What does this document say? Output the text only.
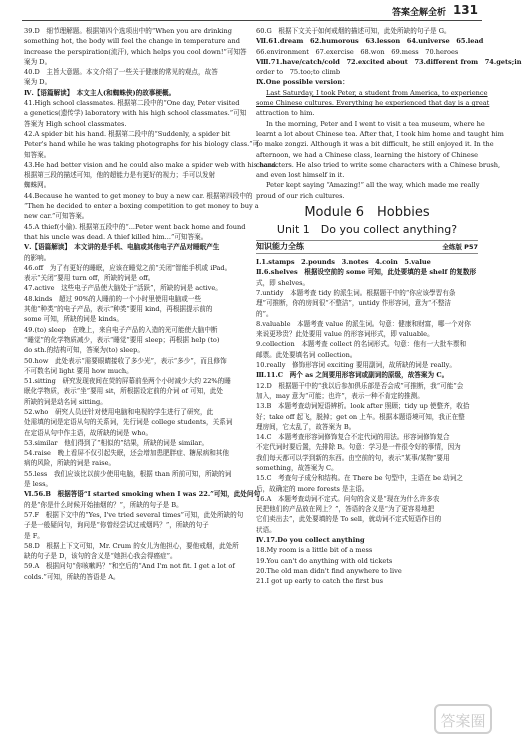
答案全解全析 131
39.D　细节理解题。根据第四个选项出中的“When you are drinking
something hot, the body will feel the change in temperature and
increase the perspiration(流汗), which helps you cool down!”可知答
案为 D。
40.D　主旨大意题。本文介绍了一些关于健康的常见的观点，故答
案为 D。
Ⅳ.【语篇解读】　本文主人(和蜘蛛侠)的故事梗概。
41.High school classmates. 根据第二段中的“One day, Peter visited
a genetics(遗传学) laboratory with his high school classmates.”可知
答案为 High school classmates.
42.A spider bit his hand. 根据第二段中的“Suddenly, a spider bit
Peter's hand while he was taking photographs for his biology class.”可
知答案。
43.He had better vision and he could also make a spider web with his hand.
根据第三段的描述可知，他的超能力是有更好的视力；手可以发射
蜘蛛网。
44.Because he wanted to get money to buy a new car. 根据第四段中的
“Then he decided to enter a boxing competition to get money to buy a
new car.”可知答案。
45.A thief(小偷). 根据第五段中的“...Peter went back home and found
that his uncle was dead. A thief killed him...”可知答案。
Ⅴ.【语篇解读】　本文讲的是手机、电脑或其他电子产品对睡眠产生
的影响。
46.off　为了有更好的睡眠，应该在睡觉之前“关闭”智能手机或 iPad。
表示“关闭”要用 turn off，所缺的词是 off。
47.active　这些电子产品使大脑处于“活跃”，所缺的词是 active。
48.kinds　超过 90%的人睡前的一个小时里使用电脑或一些
其他“种类”的电子产品，表示“种类”要用 kind，再根据提示前的
some 可知，所缺的词是 kinds。
49.(to) sleep　在晚上，来自电子产品的入造的光可能使大脑中断
“睡觉”的化学物质减少，表示“睡觉”要用 sleep；再根据 help (to)
do sth.的结构可知，答案为(to) sleep。
50.how　此处表示“需要眼睛接收了多少光”，表示“多少”，而且修饰
不可数名词 light 要用 how much。
51.sitting　研究发现夜间在荧的屏幕前坐两个小时减少大约 22%的睡
眠化学物质，表示“坐”要用 sit，所根据设定前的介词 of 可知，此处
所缺的词是动名词 sitting。
52.who　研究人员还针对使用电脑和电视的学生进行了研究，此
处需填的词是定语从句的关系词，先行词是 college students，关系词
在定语从句中作主语，故所缺的词是 who。
53.similar　他们得到了“相似的”结果，所缺的词是 similar。
54.raise　晚上看屏不仅引起失眠，还会增加患肥胖症、糖尿病和其他
病的风险，所缺的词是 raise。
55.less　我们应该比以前少使用电脑，根据 than 所前可知，所缺的词
是 less。
Ⅵ.56.B　根据答语“I started smoking when I was 22.”可知，此处问句
的是“你是什么时候开始抽烟的？”，所缺的句子是 B。
57.F　根据下文中的“Yes, I've tried several times”可知，此处所缺的句
子是一般疑问句，询问是“你曾经尝试过戒烟吗？”，所缺的句子
是 F。
58.D　根据上下文可知，Mr. Crum 的女儿为他担心，要他戒烟，此处所
缺的句子是 D，该句的含义是“她担心我会得癌症”。
59.A　根据问句“你咳嗽吗？”和空后的“And I'm not fit. I get a lot of
colds.”可知，所缺的答语是 A。
60.G　根据下文关于如何戒烟的描述可知，此处所缺的句子是 G。
Ⅶ.61.dream　62.humorous　63.lesson　64.universe　65.lead
66.environment　67.exercise　68.won　69.mess　70.heroes
Ⅷ.71.have/catch/cold　72.excited about　73.different from　74.gets;in
order to　75.too;to climb
Ⅸ.One possible version：
Last Saturday, I took Peter, a student from America, to experience
some Chinese cultures. Everything he experienced that day is a great
attraction to him.
In the morning, Peter and I went to visit a tea museum, where he
learnt a lot about Chinese tea. After that, I took him home and taught him
to make zongzi. Although it was a bit difficult, he still enjoyed it. In the
afternoon, we had a Chinese class, learning the history of Chinese
characters. He also tried to write some characters with a Chinese brush,
and even lost himself in it.
Peter kept saying “Amazing!” all the way, which made me really
proud of our rich cultures.
Module 6　Hobbies
Unit 1　Do you collect anything?
知识能力全练	全练版 P57
Ⅰ.1.stamps　2.pounds　3.notes　4.coin　5.value
Ⅱ.6.shelves　根据设空前的 some 可知，此处要填的是 shelf 的复数形
式，即 shelves。
7.untidy　本题考查 tidy 的派生词。根据题干中的“你应该學習有条
理”可推断，你的房间很“不整洁”，untidy 作形容词，意为“不整洁
的”。
8.valuable　本题考查 value 的派生词。句意：健康和财富，哪一个对你
来说更珍贵？此处要用 value 的形容词形式，即 valuable。
9.collection　本题考查 collect 的名词形式。句意：他有一大批车票和
邮票。此处要填名词 collection。
10.really　修饰形容词 exciting 要用副词，故所缺的词是 really。
Ⅲ.11.C　两个 as 之间要用形容词或副词的原级，故答案为 C。
12.D　根据题干中的“我以后参加俱乐部是否会成”可推断，我“可能”会
加入，may 意为“可能；也许”，表示一种不肯定的推测。
13.B　本题考查动词短语辨析。look after 照顾；tidy up 使整齐，收拾
好；take off 起飞，脱掉；get on 上车。根据本题语境可知，我正在整
理房间，它太乱了，故答案为 B。
14.C　本题考查形容词修饰复合不定代词的用法。形容词修饰复合
不定代词时要后置，先排除 B。句意：学习是一件很令好的事情，因为
我们每天都可以学到新的东西。由空前的句，表示“某事/某物”要用
something，故答案为 C。
15.C　考查句子成分和结构。在 There be 句型中，主语在 be 动词之
后，故确定的 more forests 是主语。
16.A　本题考查动词不定式。问句的含义是“现在为什么许多农
民把他们的产品放在网上？”，答语的含义是“为了更容易地把
它们卖出去”，此处要填的是 To sell，就动词不定式短语作目的
状语。
Ⅳ.17.Do you collect anything
18.My room is a little bit of a mess
19.You can't do anything with old tickets
20.The old man didn't find anywhere to live
21.I got up early to catch the first bus
答案圈
